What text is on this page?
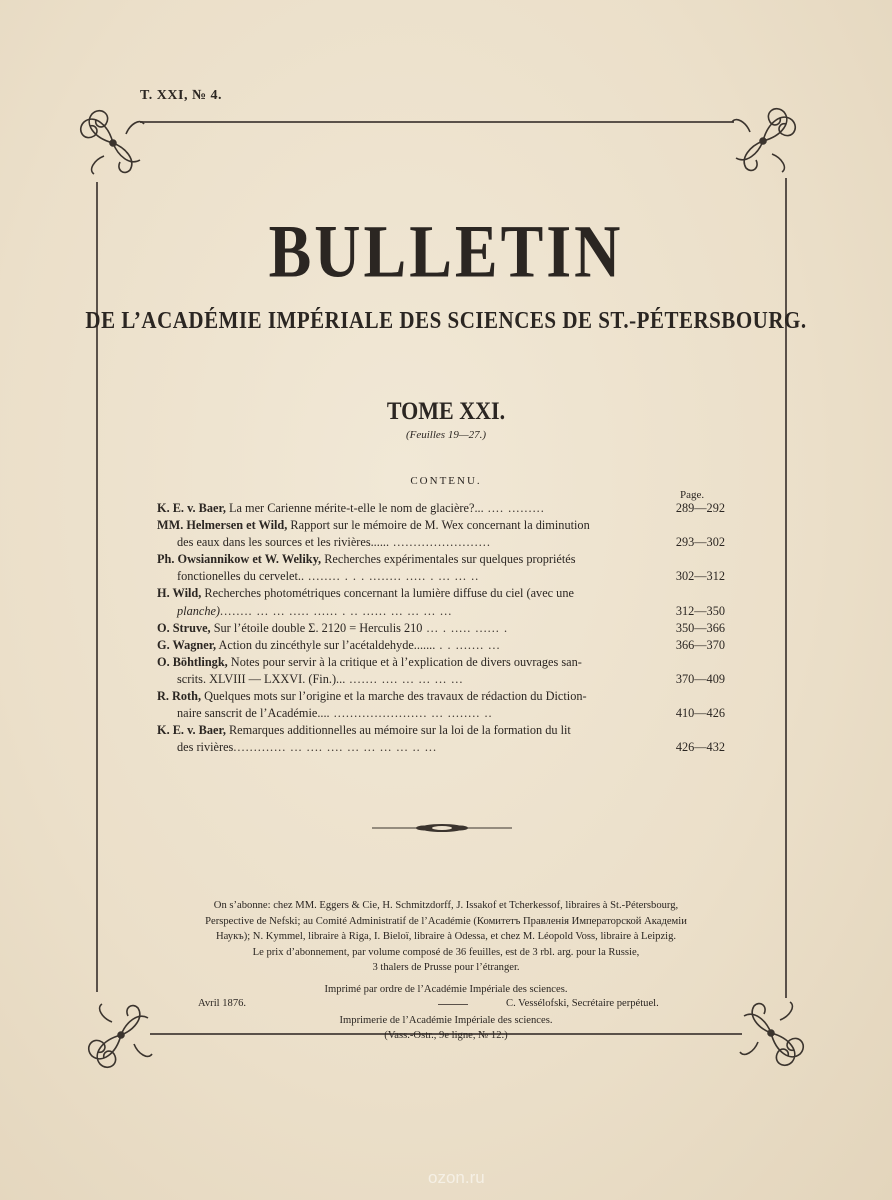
T. XXI, № 4.
BULLETIN
DE L’ACADÉMIE IMPÉRIALE DES SCIENCES DE ST.-PÉTERSBOURG.
TOME XXI.
(Feuilles 19—27.)
CONTENU.
Page.
K. E. v. Baer, La mer Carienne mérite-t-elle le nom de glacière?... .... .........	289—292
MM. Helmersen et Wild, Rapport sur le mémoire de M. Wex concernant la diminution
des eaux dans les sources et les rivières...... ........................	293—302
Ph. Owsiannikow et W. Weliky, Recherches expérimentales sur quelques propriétés
fonctionelles du cervelet.. ........ . . . ........ ..... . ... ... ..	302—312
H. Wild, Recherches photométriques concernant la lumière diffuse du ciel (avec une
planche)........ ... ... ..... ...... . .. ...... ... ... ... ...	312—350
O. Struve, Sur l’étoile double Σ. 2120 = Herculis 210 ... . ..... ...... .	350—366
G. Wagner, Action du zincéthyle sur l’acétaldehyde....... . . ....... ...	366—370
O. Böhtlingk, Notes pour servir à la critique et à l’explication de divers ouvrages san-
scrits. XLVIII — LXXVI. (Fin.)... ....... .... ... ... ... ...	370—409
R. Roth, Quelques mots sur l’origine et la marche des travaux de rédaction du Diction-
naire sanscrit de l’Académie.... ....................... ... ........ ..	410—426
K. E. v. Baer, Remarques additionnelles au mémoire sur la loi de la formation du lit
des rivières............. ... .... .... ... ... ... ... .. ...	426—432
On s’abonne: chez MM. Eggers & Cie, H. Schmitzdorff, J. Issakof et Tcherkessof, libraires à St.-Pétersbourg,
Perspective de Nefski; au Comité Administratif de l’Académie (Комитетъ Правленія Императорской Академіи
Наукъ); N. Kymmel, libraire à Riga, I. Bieloï, libraire à Odessa, et chez M. Léopold Voss, libraire à Leipzig.
Le prix d’abonnement, par volume composé de 36 feuilles, est de 3 rbl. arg. pour la Russie,
3 thalers de Prusse pour l’étranger.
Imprimé par ordre de l’Académie Impériale des sciences.
Avril 1876.	C. Vessélofski, Secrétaire perpétuel.
Imprimerie de l’Académie Impériale des sciences.
(Vass.-Ostr., 9e ligne, № 12.)
ozon.ru
